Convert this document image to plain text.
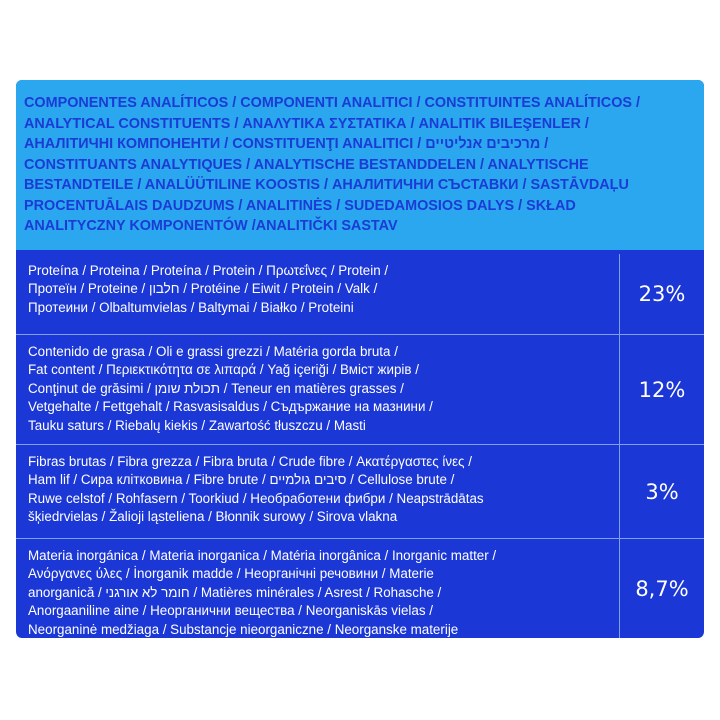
COMPONENTES ANALÍTICOS / COMPONENTI ANALITICI / CONSTITUINTES ANALÍTICOS /
ANALYTICAL CONSTITUENTS / ΑΝΑΛΥΤΙΚΑ ΣΥΣΤΑΤΙΚΑ / ANALITIK BILEŞENLER /
АНАЛІТИЧНІ КОМПОНЕНТИ / CONSTITUENŢI ANALITICI / מרכיבים אנליטיים /
CONSTITUANTS ANALYTIQUES / ANALYTISCHE BESTANDDELEN / ANALYTISCHE
BESTANDTEILE / ANALÜÜTILINE KOOSTIS / АНАЛИТИЧНИ СЪСТАВКИ / SASTĀVDAĻU
PROCENTUĀLAIS DAUDZUMS / ANALITINĖS / SUDEDAMOSIOS DALYS / SKŁAD
ANALITYCZNY KOMPONENTÓW /ANALITIČKI SASTAV
Proteína / Proteina / Proteína / Protein / Πρωτεΐνες / Protein /
Протеїн / Proteine / חלבון / Protéine / Eiwit / Protein / Valk /
Протеини / Olbaltumvielas / Baltymai / Białko / Proteini
23%
Contenido de grasa / Oli e grassi grezzi / Matéria gorda bruta /
Fat content / Περιεκτικότητα σε λιπαρά / Yağ içeriği / Вміст жирів /
Conţinut de grăsimi / תכולת שומן / Teneur en matières grasses /
Vetgehalte / Fettgehalt / Rasvasisaldus / Съдържание на мазнини /
Tauku saturs / Riebalų kiekis / Zawartość tłuszczu / Masti
12%
Fibras brutas / Fibra grezza / Fibra bruta / Crude fibre / Ακατέργαστες ίνες /
Ham lif / Сира клітковина / Fibre brute / סיבים גולמיים / Cellulose brute /
Ruwe celstof / Rohfasern / Toorkiud / Необработени фибри / Neapstrādātas
šķiedrvielas / Žalioji ląsteliena / Błonnik surowy / Sirova vlakna
3%
Materia inorgánica / Materia inorganica / Matéria inorgânica / Inorganic matter /
Ανόργανες ύλες / İnorganik madde / Неорганічні речовини / Materie
anorganică / חומר לא אורגני / Matières minérales / Asrest / Rohasche /
Anorgaaniline aine / Неорганични вещества / Neorganiskās vielas /
Neorganinė medžiaga / Substancje nieorganiczne / Neorganske materije
8,7%
